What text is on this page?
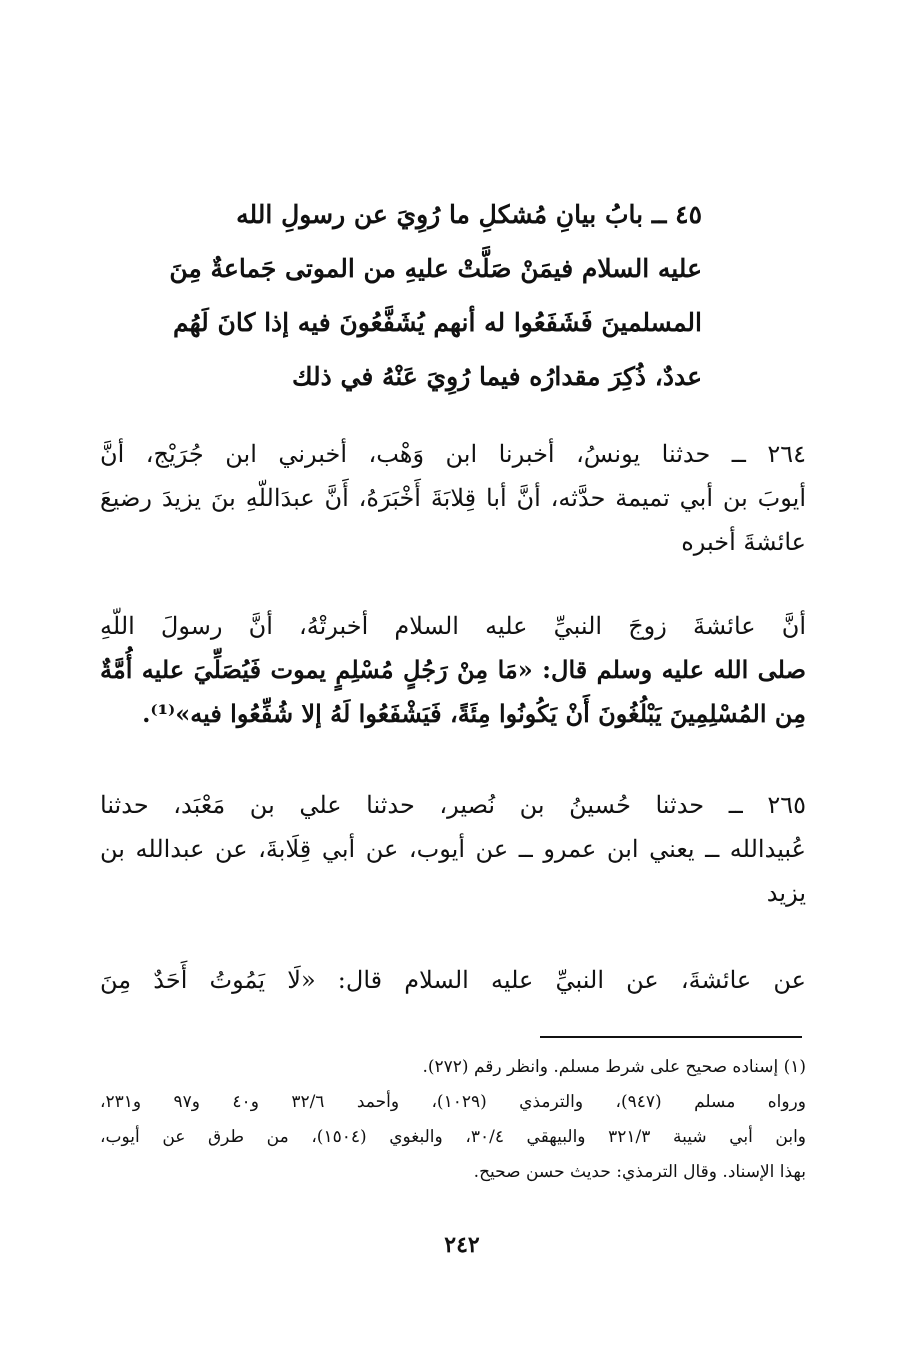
٤٥ ــ بابُ بيانِ مُشكلِ ما رُوِيَ عن رسولِ الله
عليه السلام فيمَنْ صَلَّتْ عليهِ من الموتى جَماعةٌ مِنَ
المسلمينَ فَشَفَعُوا له أنهم يُشَفَّعُونَ فيه إذا كانَ لَهُم
عددٌ، ذُكِرَ مقدارُه فيما رُوِيَ عَنْهُ في ذلك
٢٦٤ ــ حدثنا يونسُ، أخبرنا ابن وَهْب، أخبرني ابن جُرَيْج، أنَّ
أيوبَ بن أبي تميمة حدَّثه، أنَّ أبا قِلابَةَ أَخْبَرَهُ، أَنَّ عبدَاللّهِ بنَ يزيدَ رضيعَ
عائشةَ أخبره
أنَّ عائشةَ زوجَ النبيِّ عليه السلام أخبرتْهُ، أنَّ رسولَ اللّهِ
صلى الله عليه وسلم قال: «مَا مِنْ رَجُلٍ مُسْلِمٍ يموت فَيُصَلِّيَ عليه أُمَّةٌ
مِن المُسْلِمِينَ يَبْلُغُونَ أَنْ يَكُونُوا مِئَةً، فَيَشْفَعُوا لَهُ إلا شُفِّعُوا فيه»⁽¹⁾.
٢٦٥ ــ حدثنا حُسينُ بن نُصير، حدثنا علي بن مَعْبَد، حدثنا
عُبيدالله ــ يعني ابن عمرو ــ عن أيوب، عن أبي قِلَابةَ، عن عبدالله بن
يزيد
عن عائشةَ، عن النبيِّ عليه السلام قال: «لَا يَمُوتُ أَحَدٌ مِنَ
(١) إسناده صحيح على شرط مسلم. وانظر رقم (٢٧٢).
ورواه مسلم (٩٤٧)، والترمذي (١٠٢٩)، وأحمد ٣٢/٦ و٤٠ و٩٧ و٢٣١،
وابن أبي شيبة ٣٢١/٣ والبيهقي ٣٠/٤، والبغوي (١٥٠٤)، من طرق عن أيوب،
بهذا الإسناد. وقال الترمذي: حديث حسن صحيح.
٢٤٢
